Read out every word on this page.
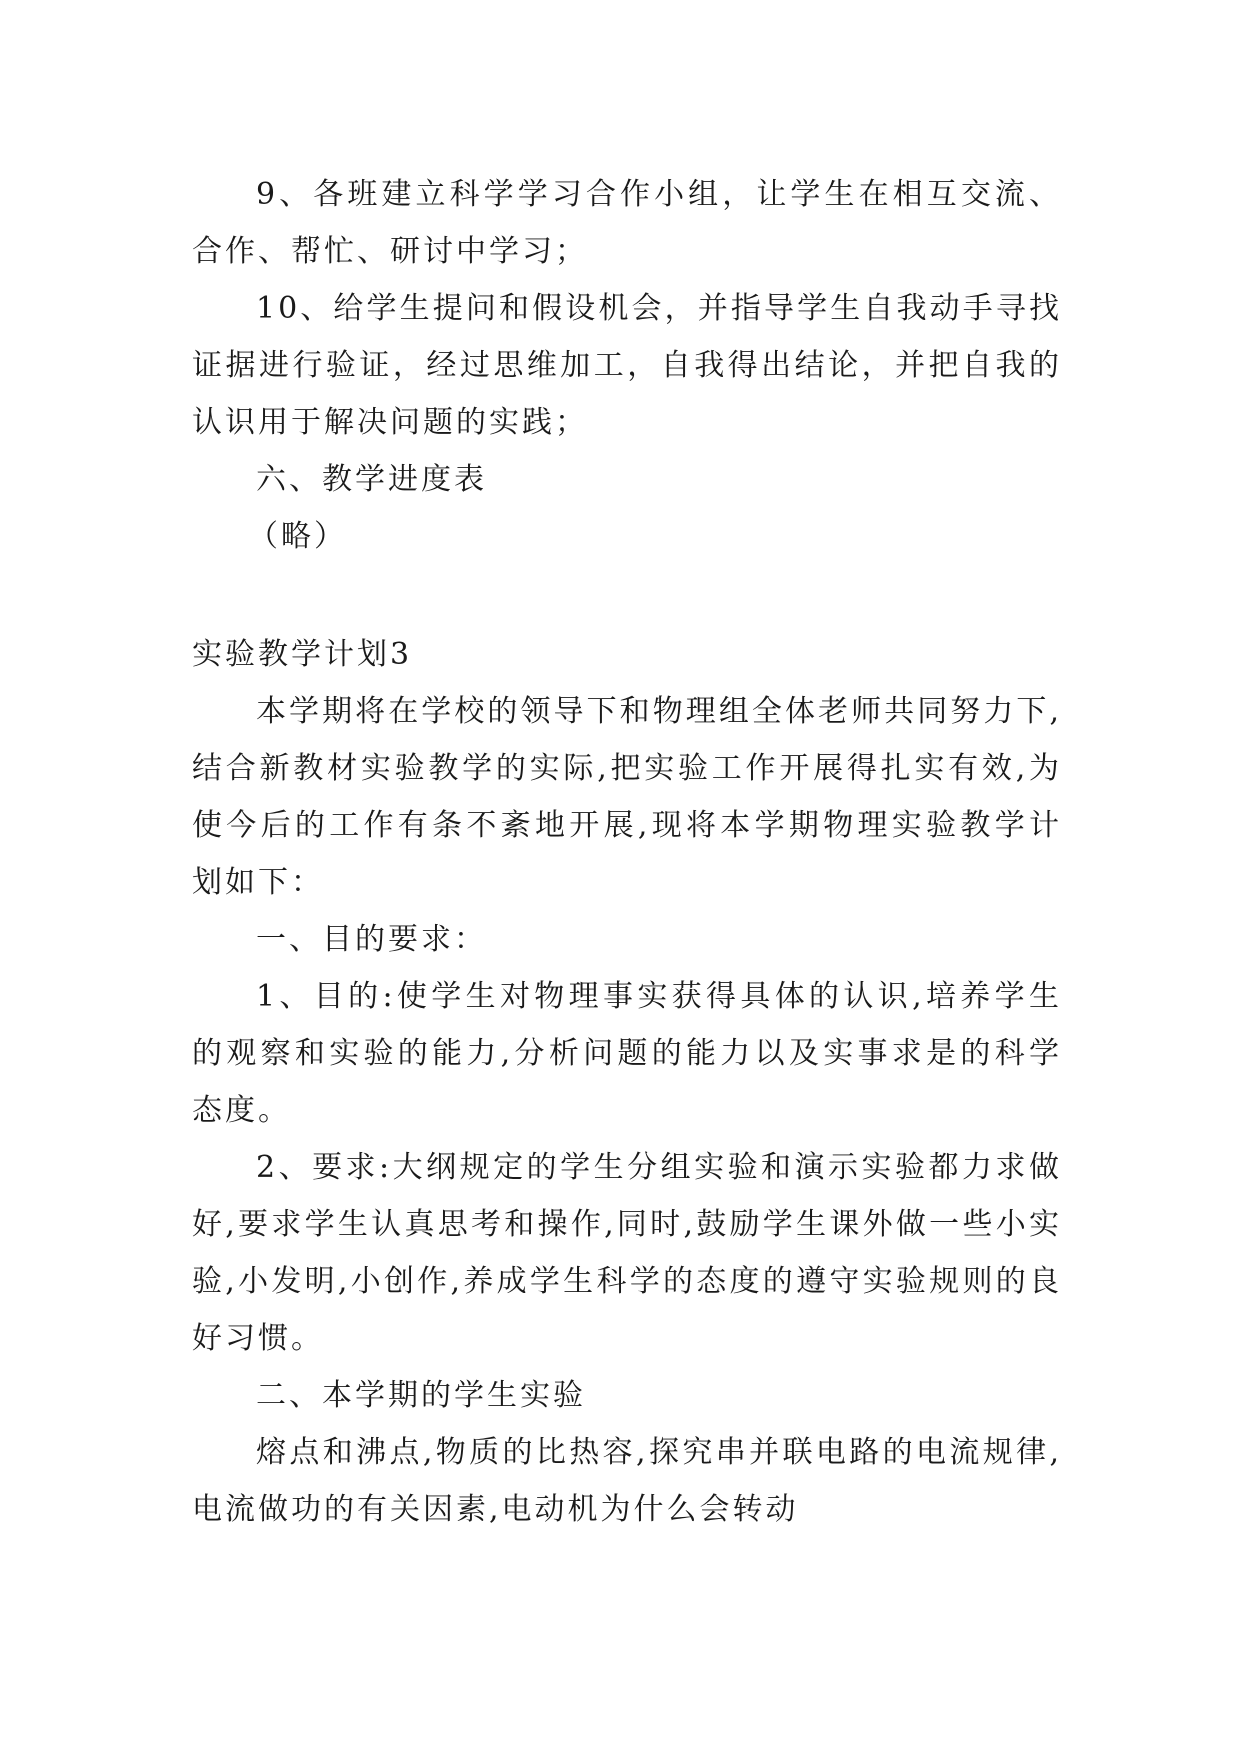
9、各班建立科学学习合作小组，让学生在相互交流、合作、帮忙、研讨中学习；

10、给学生提问和假设机会，并指导学生自我动手寻找证据进行验证，经过思维加工，自我得出结论，并把自我的认识用于解决问题的实践；

六、教学进度表

（略）

实验教学计划3

本学期将在学校的领导下和物理组全体老师共同努力下,结合新教材实验教学的实际,把实验工作开展得扎实有效,为使今后的工作有条不紊地开展,现将本学期物理实验教学计划如下：

一、目的要求：

1、目的:使学生对物理事实获得具体的认识,培养学生的观察和实验的能力,分析问题的能力以及实事求是的科学态度。

2、要求:大纲规定的学生分组实验和演示实验都力求做好,要求学生认真思考和操作,同时,鼓励学生课外做一些小实验,小发明,小创作,养成学生科学的态度的遵守实验规则的良好习惯。

二、本学期的学生实验

熔点和沸点,物质的比热容,探究串并联电路的电流规律,电流做功的有关因素,电动机为什么会转动
